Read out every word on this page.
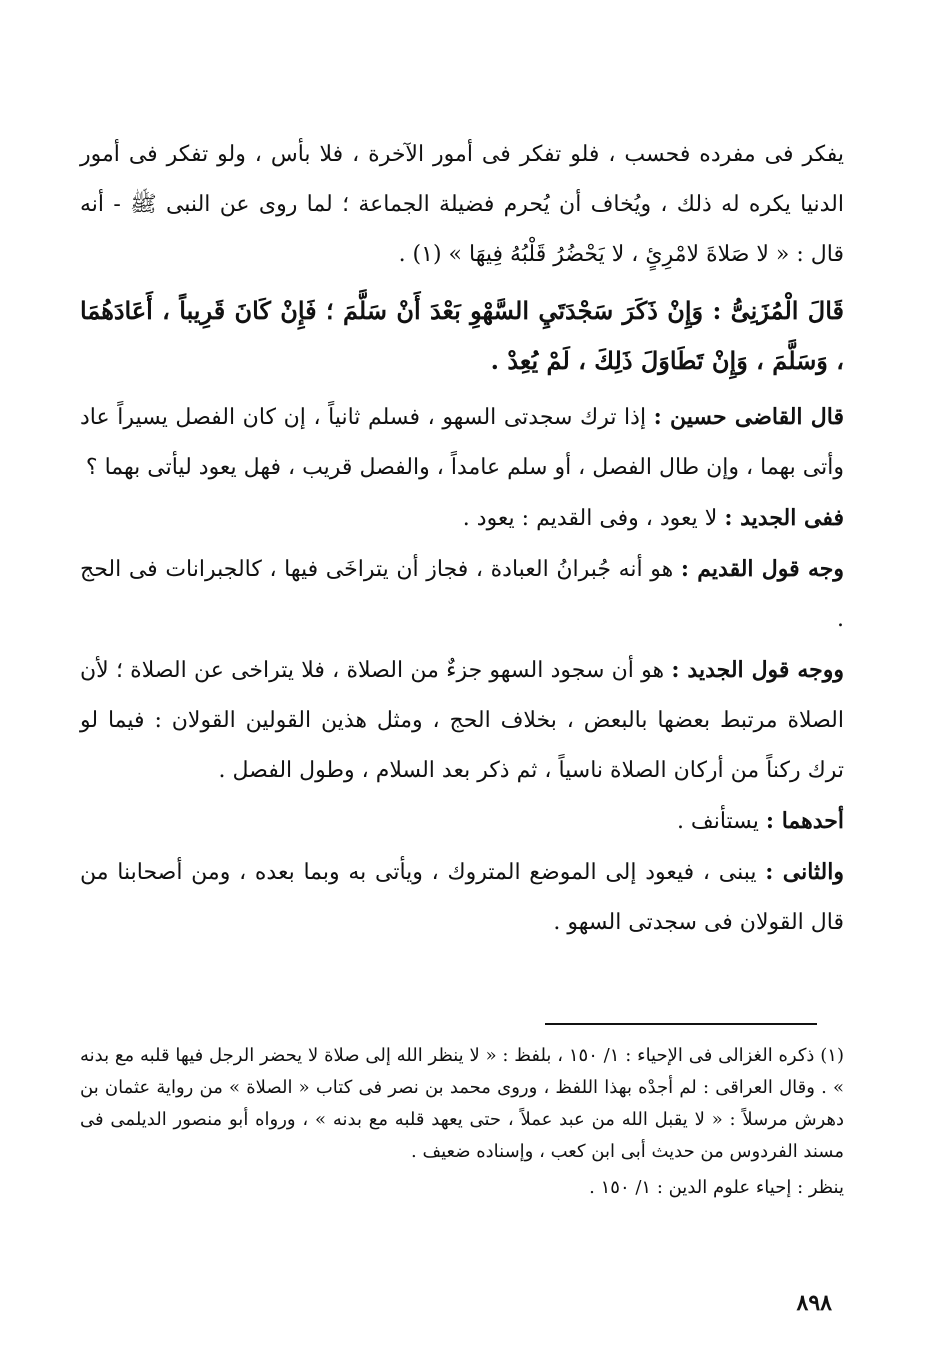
يفكر فى مفرده فحسب ، فلو تفكر فى أمور الآخرة ، فلا بأس ، ولو تفكر فى أمور الدنيا يكره له ذلك ، ويُخاف أن يُحرم فضيلة الجماعة ؛ لما روى عن النبى ﷺ - أنه قال : « لا صَلاةَ لامْرِئٍ ، لا يَحْضُرُ قَلْبُهُ فِيهَا » (١) .

قَالَ الْمُزَنِىُّ : وَإِنْ ذَكَرَ سَجْدَتَيِ السَّهْوِ بَعْدَ أَنْ سَلَّمَ ؛ فَإِنْ كَانَ قَرِيباً ، أَعَادَهُمَا ، وَسَلَّمَ ، وَإِنْ تَطَاوَلَ ذَلِكَ ، لَمْ يُعِدْ .

قال القاضى حسين : إذا ترك سجدتى السهو ، فسلم ثانياً ، إن كان الفصل يسيراً عاد وأتى بهما ، وإن طال الفصل ، أو سلم عامداً ، والفصل قريب ، فهل يعود ليأتى بهما ؟

ففى الجديد : لا يعود ، وفى القديم : يعود .

وجه قول القديم : هو أنه جُبرانُ العبادة ، فجاز أن يتراخَى فيها ، كالجبرانات فى الحج .

ووجه قول الجديد : هو أن سجود السهو جزءٌ من الصلاة ، فلا يتراخى عن الصلاة ؛ لأن الصلاة مرتبط بعضها بالبعض ، بخلاف الحج ، ومثل هذين القولين القولان : فيما لو ترك ركناً من أركان الصلاة ناسياً ، ثم ذكر بعد السلام ، وطول الفصل .

أحدهما : يستأنف .

والثانى : يبنى ، فيعود إلى الموضع المتروك ، ويأتى به وبما بعده ، ومن أصحابنا من قال القولان فى سجدتى السهو .

(١) ذكره الغزالى فى الإحياء : ١/ ١٥٠ ، بلفظ : « لا ينظر الله إلى صلاة لا يحضر الرجل فيها قلبه مع بدنه » . وقال العراقى : لم أجدْه بهذا اللفظ ، وروى محمد بن نصر فى كتاب « الصلاة » من رواية عثمان بن دهرش مرسلاً : « لا يقبل الله من عبد عملاً ، حتى يعهد قلبه مع بدنه » ، ورواه أبو منصور الديلمى فى مسند الفردوس من حديث أبى ابن كعب ، وإسناده ضعيف .

ينظر : إحياء علوم الدين : ١/ ١٥٠ .

٨٩٨
